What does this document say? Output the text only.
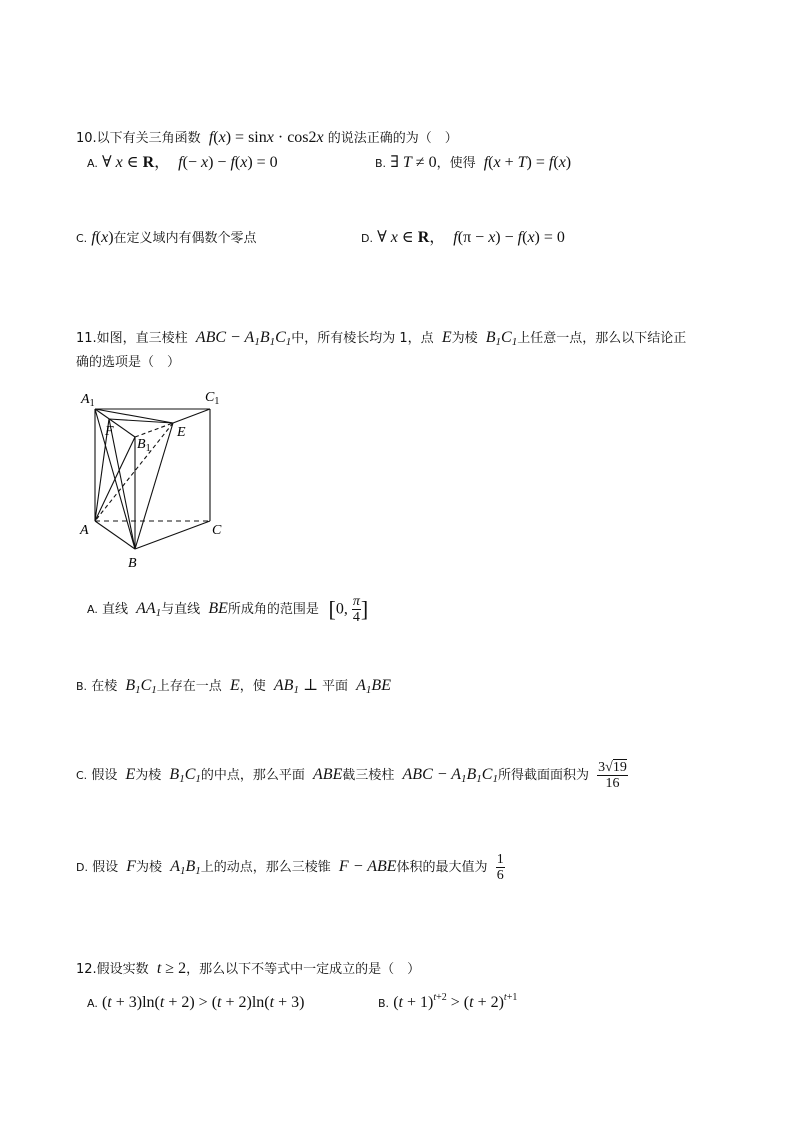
10.以下有关三角函数  f(x) = sinx · cos2x 的说法正确的为（　）
A. ∀ x ∈ R，  f(− x) − f(x) = 0	B. ∃ T ≠ 0，使得 f(x + T) = f(x)
C. f(x)在定义域内有偶数个零点	D. ∀ x ∈ R，  f(π − x) − f(x) = 0
11.如图，直三棱柱  ABC − $A_1B_1C_1$中，所有棱长均为 1，点  E为棱  $B_1C_1$上任意一点，那么以下结论正
确的选项是（　）
$A_1$	$C_1$
F
$B_1$
E
A
B
C
A. 直线  $AA_1$与直线  BE所成角的范围是  [0, $\frac{\pi}{4}$ ]
B. 在棱  $B_1C_1$上存在一点  E，使  $AB_1$ ⊥ 平面  $A_1BE$
C. 假设  E为棱  $B_1C_1$的中点，那么平面  ABE截三棱柱  ABC − $A_1B_1C_1$所得截面面积为 $\frac{3√19}{16}$
D. 假设  F为棱  $A_1B_1$上的动点，那么三棱锥  F − ABE体积的最大值为 $\frac{1}{6}$
12.假设实数 t ≥ 2，那么以下不等式中一定成立的是（　）
A. (t + 3)ln(t + 2) > (t + 2)ln(t + 3)	B. $(t + 1)^{t+2} > (t + 2)^{t+1}$
